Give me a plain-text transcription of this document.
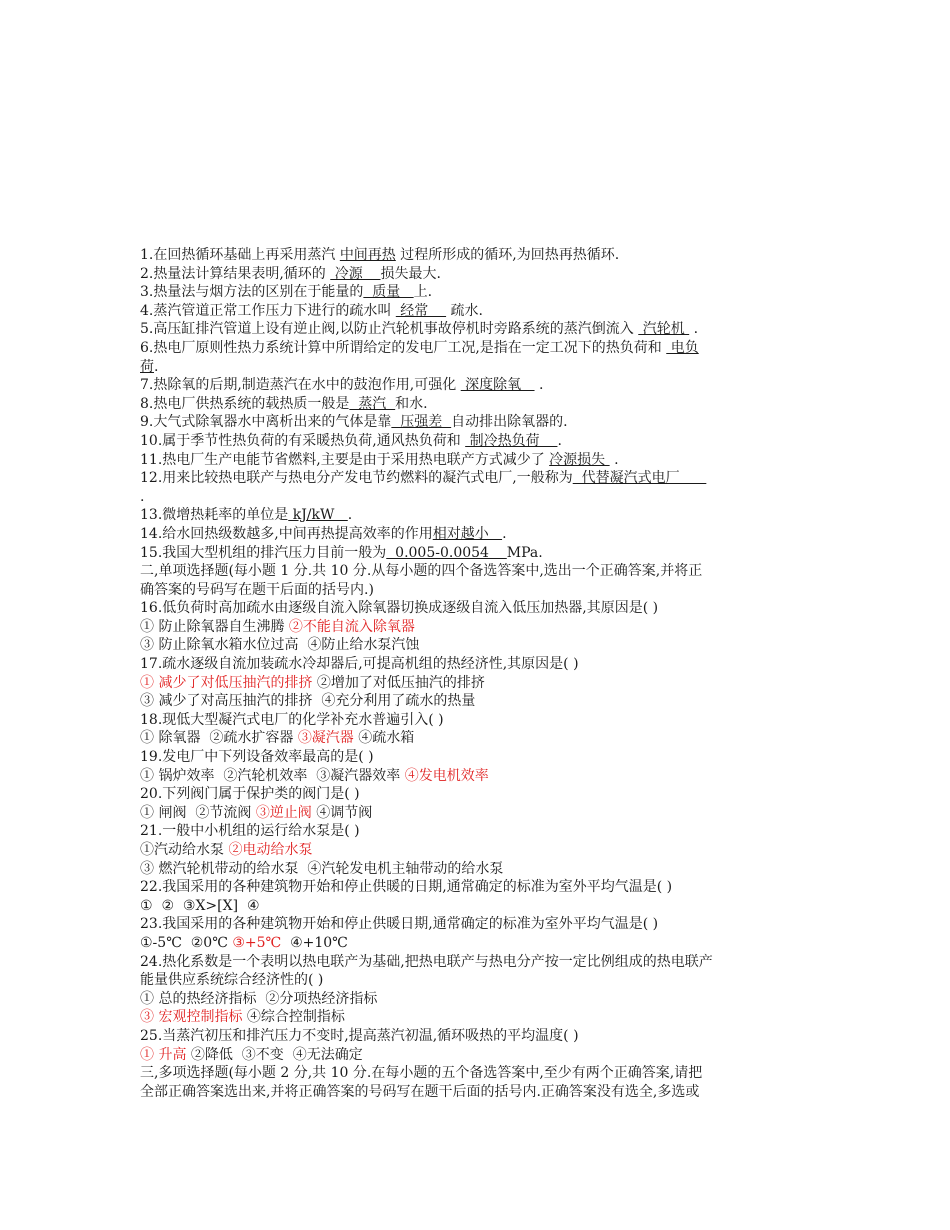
1.在回热循环基础上再采用蒸汽 中间再热 过程所形成的循环,为回热再热循环.

2.热量法计算结果表明,循环的  冷源    损失最大.

3.热量法与烟方法的区别在于能量的  质量   上.

4.蒸汽管道正常工作压力下进行的疏水叫  经常     疏水.

5.高压缸排汽管道上设有逆止阀,以防止汽轮机事故停机时旁路系统的蒸汽倒流入  汽轮机  .

6.热电厂原则性热力系统计算中所谓给定的发电厂工况,是指在一定工况下的热负荷和  电负

荷.

7.热除氧的后期,制造蒸汽在水中的鼓泡作用,可强化  深度除氧    .

8.热电厂供热系统的载热质一般是  蒸汽  和水.

9.大气式除氧器水中离析出来的气体是靠  压强差  自动排出除氧器的.

10.属于季节性热负荷的有采暖热负荷,通风热负荷和  制冷热负荷    .

11.热电厂生产电能节省燃料,主要是由于采用热电联产方式减少了 冷源损失  .

12.用来比较热电联产与热电分产发电节约燃料的凝汽式电厂,一般称为  代替凝汽式电厂

.

13.微增热耗率的单位是 kJ/kW   .

14.给水回热级数越多,中间再热提高效率的作用相对越小   .

15.我国大型机组的排汽压力目前一般为  0.005-0.0054    MPa.

二,单项选择题(每小题 1 分.共 10 分.从每小题的四个备选答案中,选出一个正确答案,并将正

确答案的号码写在题干后面的括号内.)

16.低负荷时高加疏水由逐级自流入除氧器切换成逐级自流入低压加热器,其原因是( )

① 防止除氧器自生沸腾 ②不能自流入除氧器

③ 防止除氧水箱水位过高  ④防止给水泵汽蚀

17.疏水逐级自流加装疏水冷却器后,可提高机组的热经济性,其原因是( )

① 减少了对低压抽汽的排挤 ②增加了对低压抽汽的排挤

③ 减少了对高压抽汽的排挤  ④充分利用了疏水的热量

18.现低大型凝汽式电厂的化学补充水普遍引入( )

① 除氧器  ②疏水扩容器 ③凝汽器 ④疏水箱

19.发电厂中下列设备效率最高的是( )

① 锅炉效率  ②汽轮机效率  ③凝汽器效率 ④发电机效率

20.下列阀门属于保护类的阀门是( )

① 闸阀  ②节流阀 ③逆止阀 ④调节阀

21.一般中小机组的运行给水泵是( )

①汽动给水泵 ②电动给水泵

③ 燃汽轮机带动的给水泵  ④汽轮发电机主轴带动的给水泵

22.我国采用的各种建筑物开始和停止供暖的日期,通常确定的标准为室外平均气温是( )

①  ②  ③X>[X]  ④

23.我国采用的各种建筑物开始和停止供暖日期,通常确定的标准为室外平均气温是( )

①-5℃  ②0℃ ③+5℃  ④+10℃

24.热化系数是一个表明以热电联产为基础,把热电联产与热电分产按一定比例组成的热电联产

能量供应系统综合经济性的( )

① 总的热经济指标  ②分项热经济指标

③ 宏观控制指标 ④综合控制指标

25.当蒸汽初压和排汽压力不变时,提高蒸汽初温,循环吸热的平均温度( )

① 升高 ②降低  ③不变  ④无法确定

三,多项选择题(每小题 2 分,共 10 分.在每小题的五个备选答案中,至少有两个正确答案,请把

全部正确答案选出来,并将正确答案的号码写在题干后面的括号内.正确答案没有选全,多选或
